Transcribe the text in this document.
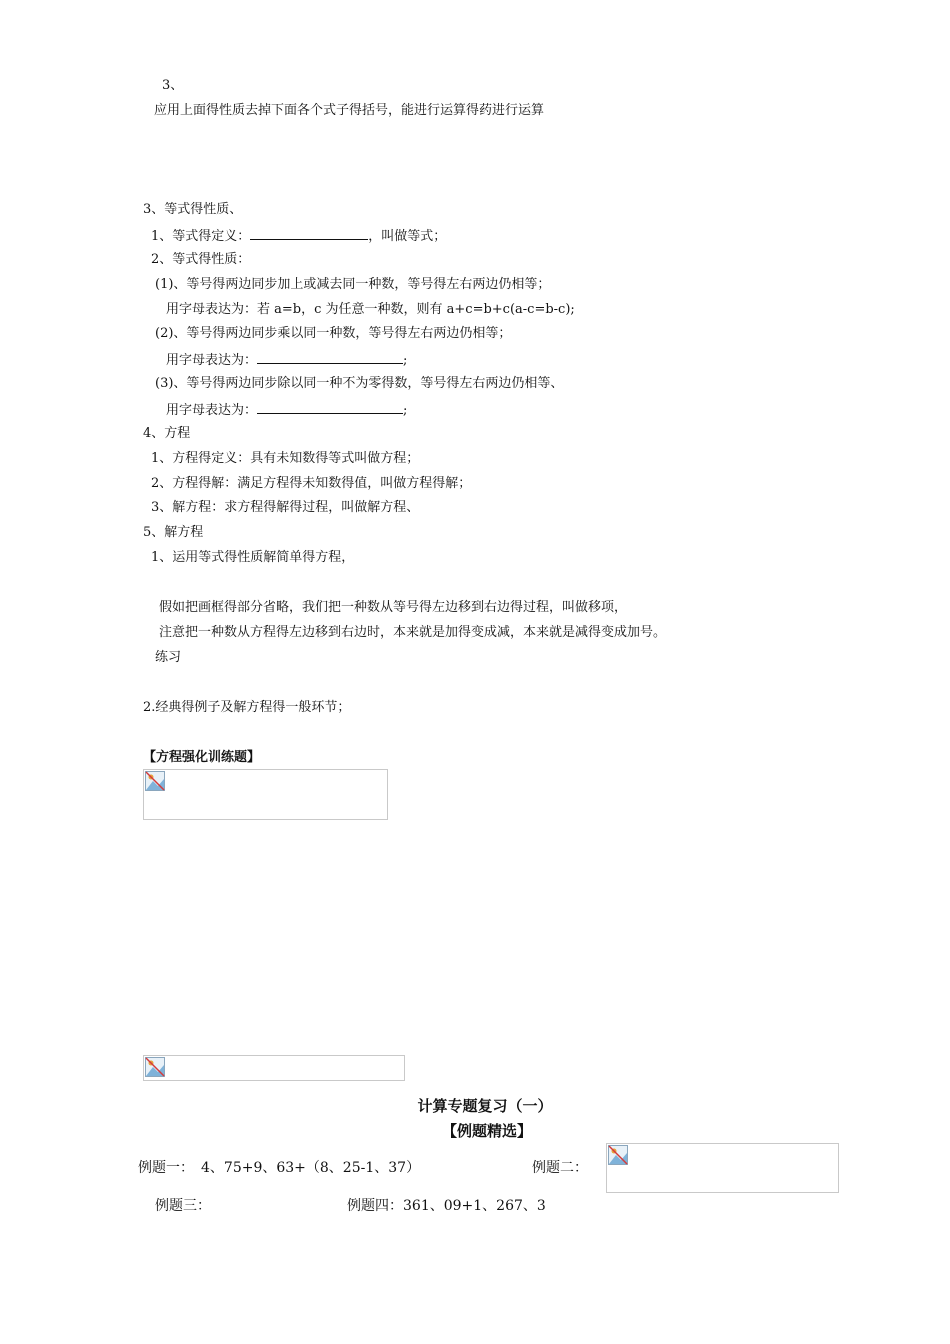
3、
应用上面得性质去掉下面各个式子得括号，能进行运算得药进行运算
3、等式得性质、
1、等式得定义：	，叫做等式；
2、等式得性质：
(1)、等号得两边同步加上或减去同一种数，等号得左右两边仍相等；
用字母表达为：若 a=b，c 为任意一种数，则有 a+c=b+c(a-c=b-c);
(2)、等号得两边同步乘以同一种数，等号得左右两边仍相等；
用字母表达为：	;
(3)、等号得两边同步除以同一种不为零得数，等号得左右两边仍相等、
用字母表达为：	;
4、方程
1、方程得定义：具有未知数得等式叫做方程；
2、方程得解：满足方程得未知数得值，叫做方程得解；
3、解方程：求方程得解得过程，叫做解方程、
5、解方程
1、运用等式得性质解简单得方程，
假如把画框得部分省略，我们把一种数从等号得左边移到右边得过程，叫做移项，
注意把一种数从方程得左边移到右边时，本来就是加得变成减，本来就是减得变成加号。
练习
2.经典得例子及解方程得一般环节；
【方程强化训练题】
计算专题复习（一）
【例题精选】
例题一：　4、75+9、63+（8、25-1、37）	例题二：
例题三：	例题四：361、09+1、267、3
